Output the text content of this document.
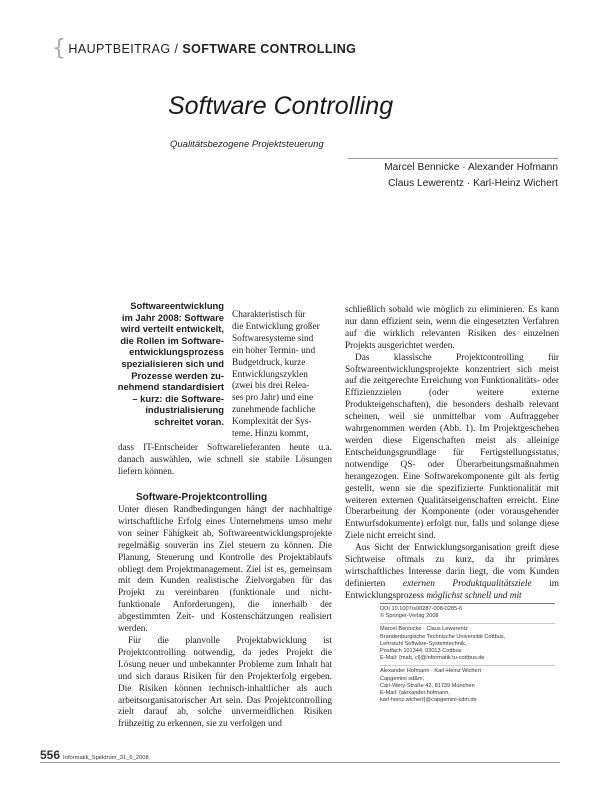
{ HAUPTBEITRAG / SOFTWARE CONTROLLING
Software Controlling
Qualitätsbezogene Projektsteuerung
Marcel Bennicke · Alexander Hofmann
Claus Lewerentz · Karl-Heinz Wichert
Softwareentwicklung
im Jahr 2008: Software
wird verteilt entwickelt,
die Rollen im Software-
entwicklungsprozess
spezialisieren sich und
Prozesse werden zu-
nehmend standardisiert
– kurz: die Software-
industrialisierung
schreitet voran.

Charakteristisch für

die Entwicklung großer

Softwaresysteme sind

ein hoher Termin- und

Budgetdruck, kurze

Entwicklungszyklen

(zwei bis drei Relea-

ses pro Jahr) und eine

zunehmende fachliche

Komplexität der Sys-

teme. Hinzu kommt,

dass IT-Entscheider Softwarelieferanten heute u.a. danach auswählen, wie schnell sie stabile Lösungen liefern können.

Software-Projektcontrolling

Unter diesen Randbedingungen hängt der nachhaltige wirtschaftliche Erfolg eines Unternehmens umso mehr von seiner Fähigkeit ab, Softwareentwicklungsprojekte regelmäßig souverän ins Ziel steuern zu können. Die Planung, Steuerung und Kontrolle des Projektablaufs obliegt dem Projektmanagement. Ziel ist es, gemeinsam mit dem Kunden realistische Zielvorgaben für das Projekt zu vereinbaren (funktionale und nicht-funktionale Anforderungen), die innerhalb der abgestimmten Zeit- und Kostenschätzungen realisiert werden.

Für die planvolle Projektabwicklung ist Projektcontrolling notwendig, da jedes Projekt die Lösung neuer und unbekannter Probleme zum Inhalt hat und sich daraus Risiken für den Projekterfolg ergeben. Die Risiken können technisch-inhaltlicher als auch arbeitsorganisatorischer Art sein. Das Projektcontrolling zielt darauf ab, solche unvermeidlichen Risiken frühzeitig zu erkennen, sie zu verfolgen und

schließlich sobald wie möglich zu eliminieren. Es kann nur dann effizient sein, wenn die eingesetzten Verfahren auf die wirklich relevanten Risiken des einzelnen Projekts ausgerichtet werden.

Das klassische Projektcontrolling für Softwareentwicklungsprojekte konzentriert sich meist auf die zeitgerechte Erreichung von Funktionalitäts- oder Effizienzzielen (oder weitere externe Produkteigenschaften), die besonders deshalb relevant scheinen, weil sie unmittelbar vom Auftraggeber wahrgenommen werden (Abb. 1). Im Projektgeschehen werden diese Eigenschaften meist als alleinige Entscheidungsgrundlage für Fertigstellungsstatus, notwendige QS- oder Überarbeitungsmaßnahmen herangezogen. Eine Softwarekomponente gilt als fertig gestellt, wenn sie die spezifizierte Funktionalität mit weiteren externen Qualitätseigenschaften erreicht. Eine Überarbeitung der Komponente (oder vorausgehender Entwurfsdokumente) erfolgt nur, falls und solange diese Ziele nicht erreicht sind.

Aus Sicht der Entwicklungsorganisation greift diese Sichtweise oftmals zu kurz, da ihr primäres wirtschaftliches Interesse darin liegt, die vom Kunden definierten externen Produktqualitätsziele im Entwicklungsprozess möglichst schnell und mit

DOI 10.1007/s00287-008-0285-6
© Springer-Verlag 2008
Marcel Bennicke · Claus Lewerentz
Brandenburgische Technische Universität Cottbus,
Lehrstuhl Software-Systemtechnik,
Postfach 101344, 03013 Cottbus
E-Mail: {mab, cl}@informatik.tu-cottbus.de
Alexander Hofmann · Karl-Heinz Wichert
Capgemini sd&m,
Carl-Wery-Straße 42, 81739 München
E-Mail: {alexander.hofmann,
karl-heinz.wichert}@capgemini-sdm.de
556 Informatik_Spektrum_31_6_2008
